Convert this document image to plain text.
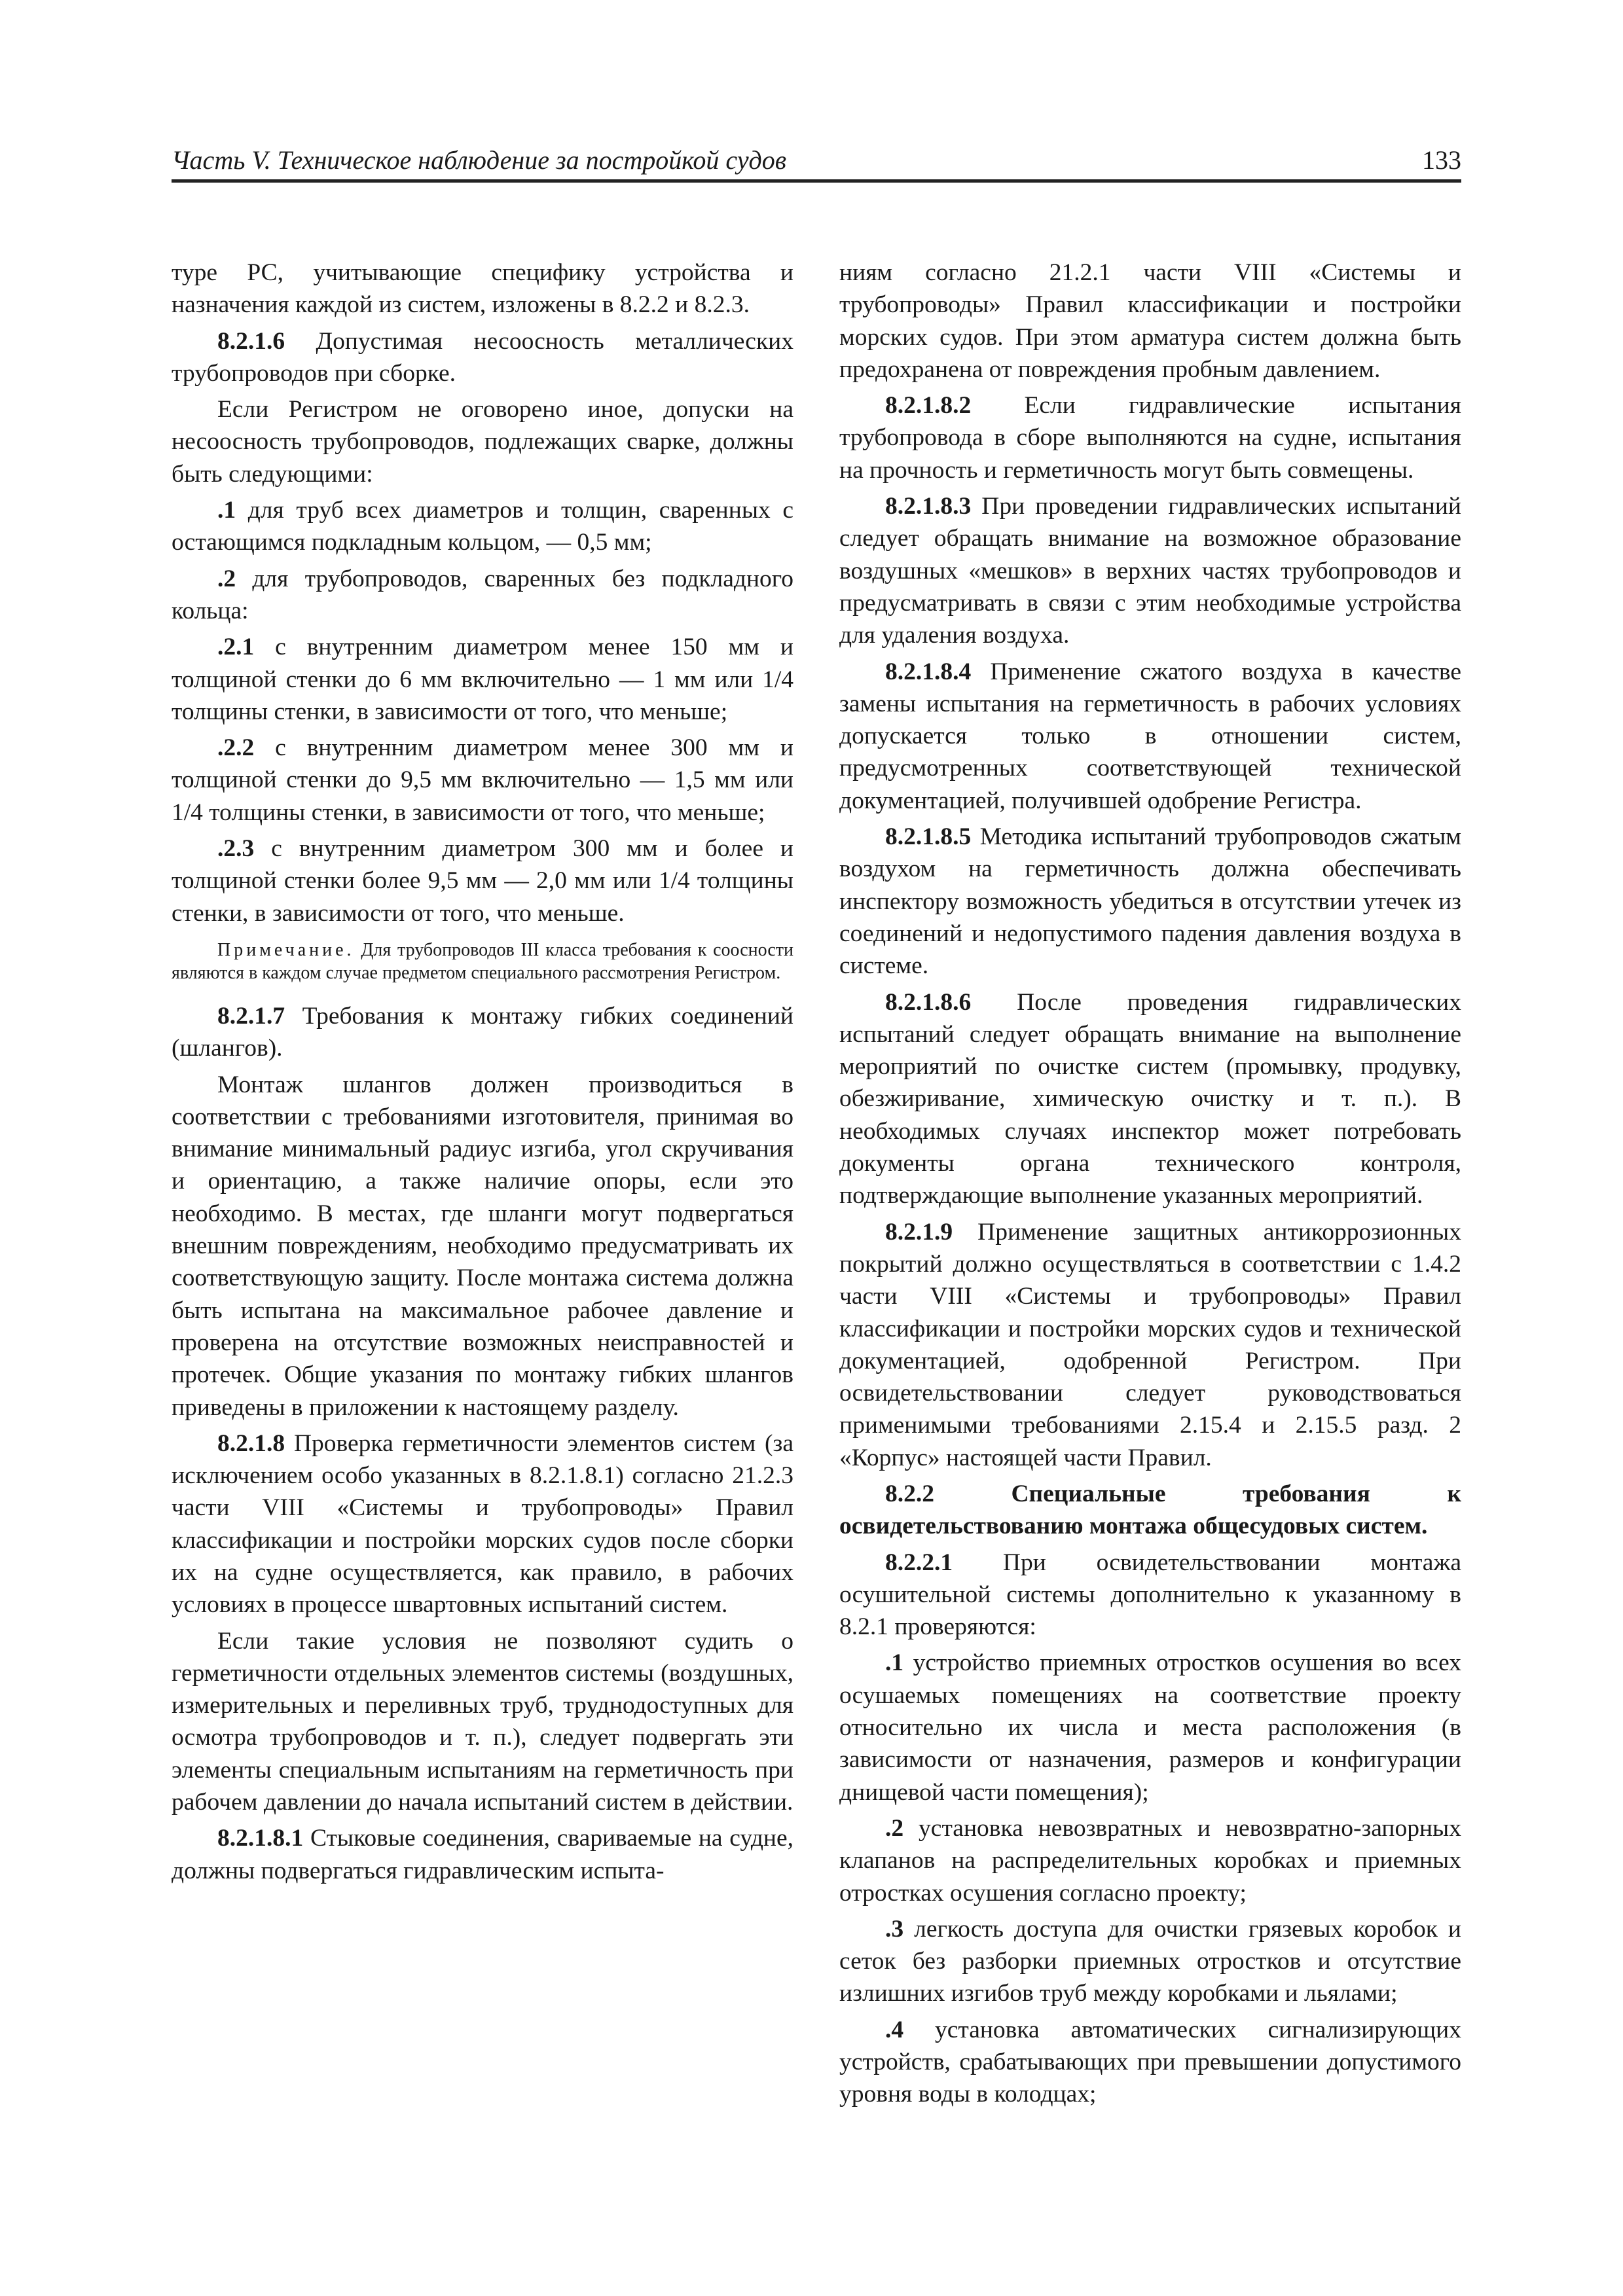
Часть V. Техническое наблюдение за постройкой судов	133

туре РС, учитывающие специфику устройства и назначения каждой из систем, изложены в 8.2.2 и 8.2.3.

8.2.1.6 Допустимая несоосность металлических трубопроводов при сборке.

Если Регистром не оговорено иное, допуски на несоосность трубопроводов, подлежащих сварке, должны быть следующими:

.1 для труб всех диаметров и толщин, сваренных с остающимся подкладным кольцом, — 0,5 мм;

.2 для трубопроводов, сваренных без подкладного кольца:

.2.1 с внутренним диаметром менее 150 мм и толщиной стенки до 6 мм включительно — 1 мм или 1/4 толщины стенки, в зависимости от того, что меньше;

.2.2 с внутренним диаметром менее 300 мм и толщиной стенки до 9,5 мм включительно — 1,5 мм или 1/4 толщины стенки, в зависимости от того, что меньше;

.2.3 с внутренним диаметром 300 мм и более и толщиной стенки более 9,5 мм — 2,0 мм или 1/4 толщины стенки, в зависимости от того, что меньше.

Примечание. Для трубопроводов III класса требования к соосности являются в каждом случае предметом специального рассмотрения Регистром.

8.2.1.7 Требования к монтажу гибких соединений (шлангов).

Монтаж шлангов должен производиться в соответствии с требованиями изготовителя, принимая во внимание минимальный радиус изгиба, угол скручивания и ориентацию, а также наличие опоры, если это необходимо. В местах, где шланги могут подвергаться внешним повреждениям, необходимо предусматривать их соответствующую защиту. После монтажа система должна быть испытана на максимальное рабочее давление и проверена на отсутствие возможных неисправностей и протечек. Общие указания по монтажу гибких шлангов приведены в приложении к настоящему разделу.

8.2.1.8 Проверка герметичности элементов систем (за исключением особо указанных в 8.2.1.8.1) согласно 21.2.3 части VIII «Системы и трубопроводы» Правил классификации и постройки морских судов после сборки их на судне осуществляется, как правило, в рабочих условиях в процессе швартовных испытаний систем.

Если такие условия не позволяют судить о герметичности отдельных элементов системы (воздушных, измерительных и переливных труб, труднодоступных для осмотра трубопроводов и т. п.), следует подвергать эти элементы специальным испытаниям на герметичность при рабочем давлении до начала испытаний систем в действии.

8.2.1.8.1 Стыковые соединения, свариваемые на судне, должны подвергаться гидравлическим испыта-

ниям согласно 21.2.1 части VIII «Системы и трубопроводы» Правил классификации и постройки морских судов. При этом арматура систем должна быть предохранена от повреждения пробным давлением.

8.2.1.8.2 Если гидравлические испытания трубопровода в сборе выполняются на судне, испытания на прочность и герметичность могут быть совмещены.

8.2.1.8.3 При проведении гидравлических испытаний следует обращать внимание на возможное образование воздушных «мешков» в верхних частях трубопроводов и предусматривать в связи с этим необходимые устройства для удаления воздуха.

8.2.1.8.4 Применение сжатого воздуха в качестве замены испытания на герметичность в рабочих условиях допускается только в отношении систем, предусмотренных соответствующей технической документацией, получившей одобрение Регистра.

8.2.1.8.5 Методика испытаний трубопроводов сжатым воздухом на герметичность должна обеспечивать инспектору возможность убедиться в отсутствии утечек из соединений и недопустимого падения давления воздуха в системе.

8.2.1.8.6 После проведения гидравлических испытаний следует обращать внимание на выполнение мероприятий по очистке систем (промывку, продувку, обезжиривание, химическую очистку и т. п.). В необходимых случаях инспектор может потребовать документы органа технического контроля, подтверждающие выполнение указанных мероприятий.

8.2.1.9 Применение защитных антикоррозионных покрытий должно осуществляться в соответствии с 1.4.2 части VIII «Системы и трубопроводы» Правил классификации и постройки морских судов и технической документацией, одобренной Регистром. При освидетельствовании следует руководствоваться применимыми требованиями 2.15.4 и 2.15.5 разд. 2 «Корпус» настоящей части Правил.

8.2.2 Специальные требования к освидетельствованию монтажа общесудовых систем.

8.2.2.1 При освидетельствовании монтажа осушительной системы дополнительно к указанному в 8.2.1 проверяются:

.1 устройство приемных отростков осушения во всех осушаемых помещениях на соответствие проекту относительно их числа и места расположения (в зависимости от назначения, размеров и конфигурации днищевой части помещения);

.2 установка невозвратных и невозвратно-запорных клапанов на распределительных коробках и приемных отростках осушения согласно проекту;

.3 легкость доступа для очистки грязевых коробок и сеток без разборки приемных отростков и отсутствие излишних изгибов труб между коробками и льялами;

.4 установка автоматических сигнализирующих устройств, срабатывающих при превышении допустимого уровня воды в колодцах;
